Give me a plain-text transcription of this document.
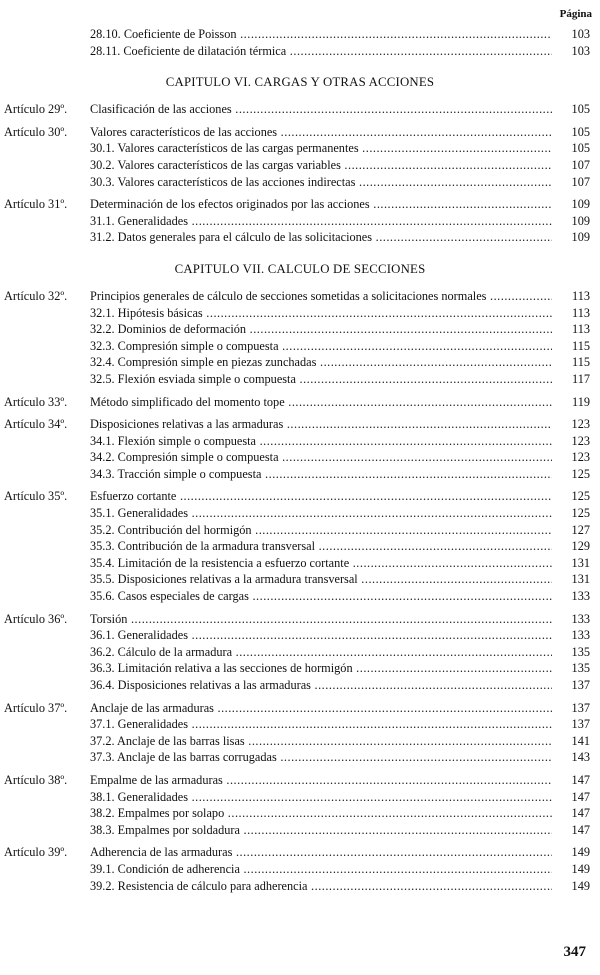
Página
28.10. Coeficiente de Poisson .....	103
28.11. Coeficiente de dilatación térmica .....	103
CAPITULO VI. CARGAS Y OTRAS ACCIONES
Artículo 29º.	Clasificación de las acciones .....	105
Artículo 30º.	Valores característicos de las acciones .....	105
30.1. Valores característicos de las cargas permanentes .....	105
30.2. Valores característicos de las cargas variables .....	107
30.3. Valores característicos de las acciones indirectas .....	107
Artículo 31º.	Determinación de los efectos originados por las acciones .....	109
31.1. Generalidades .....	109
31.2. Datos generales para el cálculo de las solicitaciones .....	109
CAPITULO VII. CALCULO DE SECCIONES
Artículo 32º.	Principios generales de cálculo de secciones sometidas a solicitaciones normales .....	113
32.1. Hipótesis básicas .....	113
32.2. Dominios de deformación .....	113
32.3. Compresión simple o compuesta .....	115
32.4. Compresión simple en piezas zunchadas .....	115
32.5. Flexión esviada simple o compuesta .....	117
Artículo 33º.	Método simplificado del momento tope .....	119
Artículo 34º.	Disposiciones relativas a las armaduras .....	123
34.1. Flexión simple o compuesta .....	123
34.2. Compresión simple o compuesta .....	123
34.3. Tracción simple o compuesta .....	125
Artículo 35º.	Esfuerzo cortante .....	125
35.1. Generalidades .....	125
35.2. Contribución del hormigón .....	127
35.3. Contribución de la armadura transversal .....	129
35.4. Limitación de la resistencia a esfuerzo cortante .....	131
35.5. Disposiciones relativas a la armadura transversal .....	131
35.6. Casos especiales de cargas .....	133
Artículo 36º.	Torsión .....	133
36.1. Generalidades .....	133
36.2. Cálculo de la armadura .....	135
36.3. Limitación relativa a las secciones de hormigón .....	135
36.4. Disposiciones relativas a las armaduras .....	137
Artículo 37º.	Anclaje de las armaduras .....	137
37.1. Generalidades .....	137
37.2. Anclaje de las barras lisas .....	141
37.3. Anclaje de las barras corrugadas .....	143
Artículo 38º.	Empalme de las armaduras .....	147
38.1. Generalidades .....	147
38.2. Empalmes por solapo .....	147
38.3. Empalmes por soldadura .....	147
Artículo 39º.	Adherencia de las armaduras .....	149
39.1. Condición de adherencia .....	149
39.2. Resistencia de cálculo para adherencia .....	149
347
